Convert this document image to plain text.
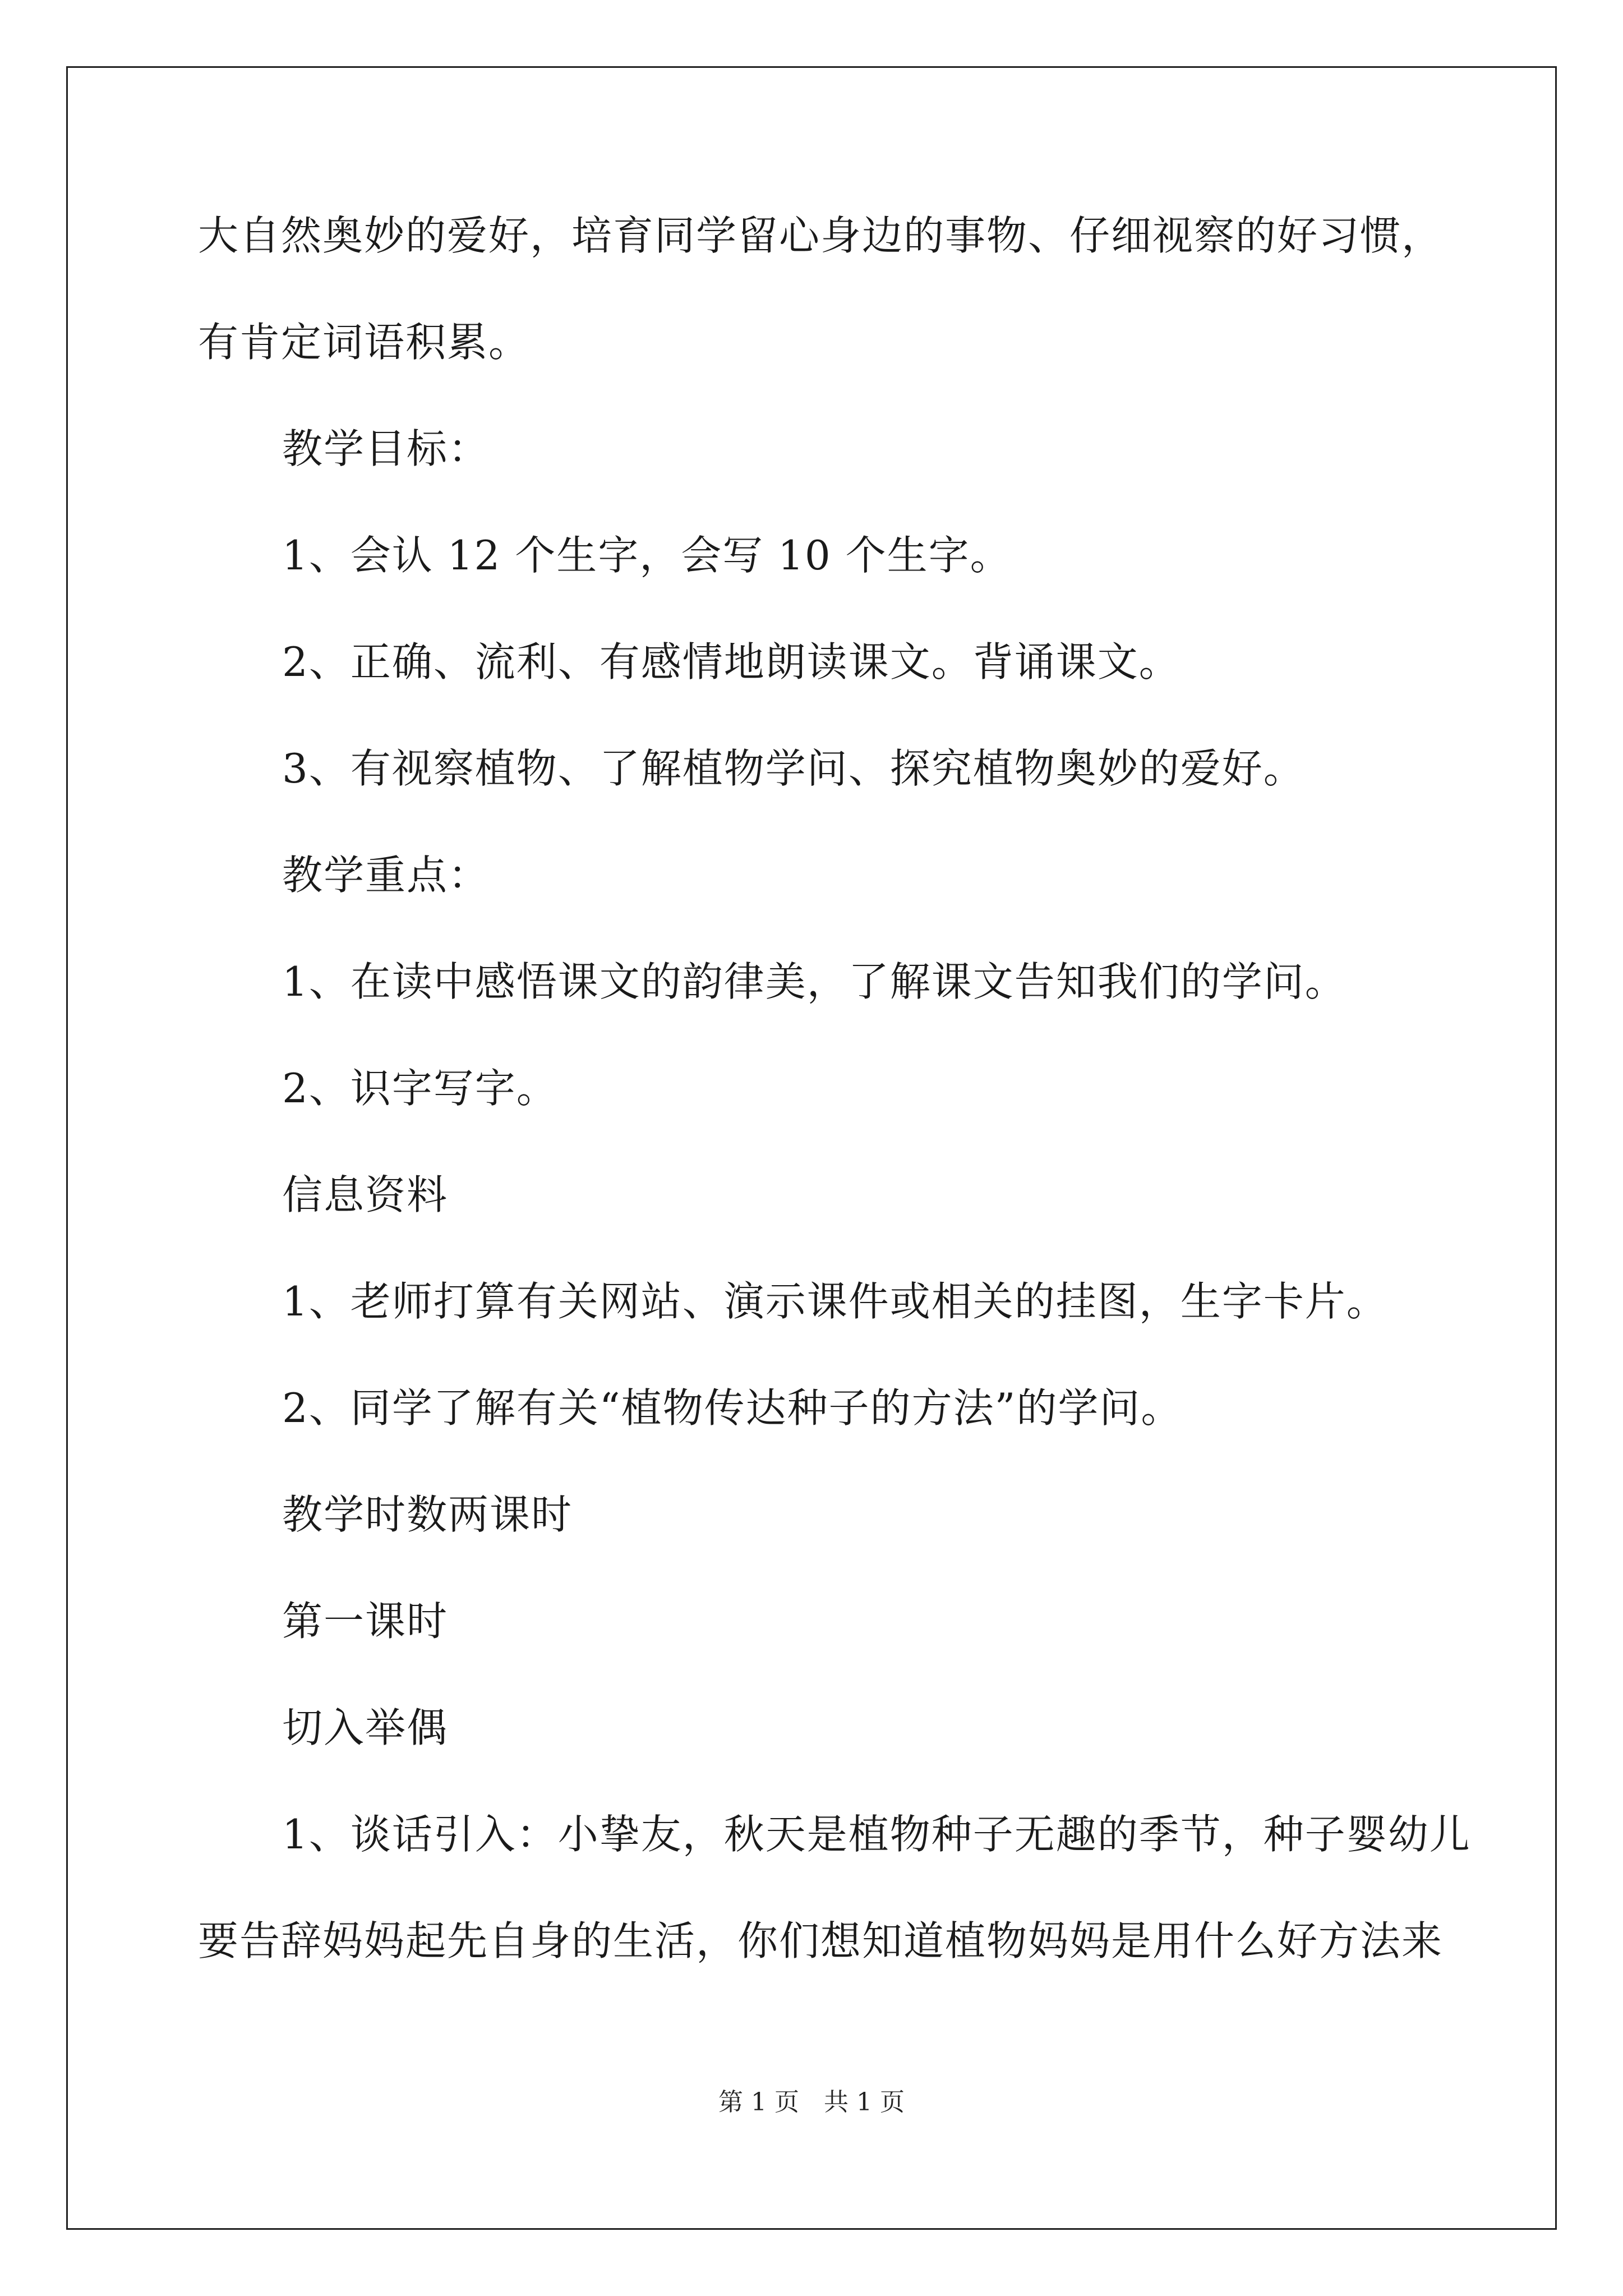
大自然奥妙的爱好，培育同学留心身边的事物、仔细视察的好习惯，
有肯定词语积累。
教学目标：
1、会认 12 个生字，会写 10 个生字。
2、正确、流利、有感情地朗读课文。背诵课文。
3、有视察植物、了解植物学问、探究植物奥妙的爱好。
教学重点：
1、在读中感悟课文的韵律美，了解课文告知我们的学问。
2、识字写字。
信息资料
1、老师打算有关网站、演示课件或相关的挂图，生字卡片。
2、同学了解有关“植物传达种子的方法”的学问。
教学时数两课时
第一课时
切入举偶
1、谈话引入：小挚友，秋天是植物种子无趣的季节，种子婴幼儿
要告辞妈妈起先自身的生活，你们想知道植物妈妈是用什么好方法来
第 1 页　共 1 页
